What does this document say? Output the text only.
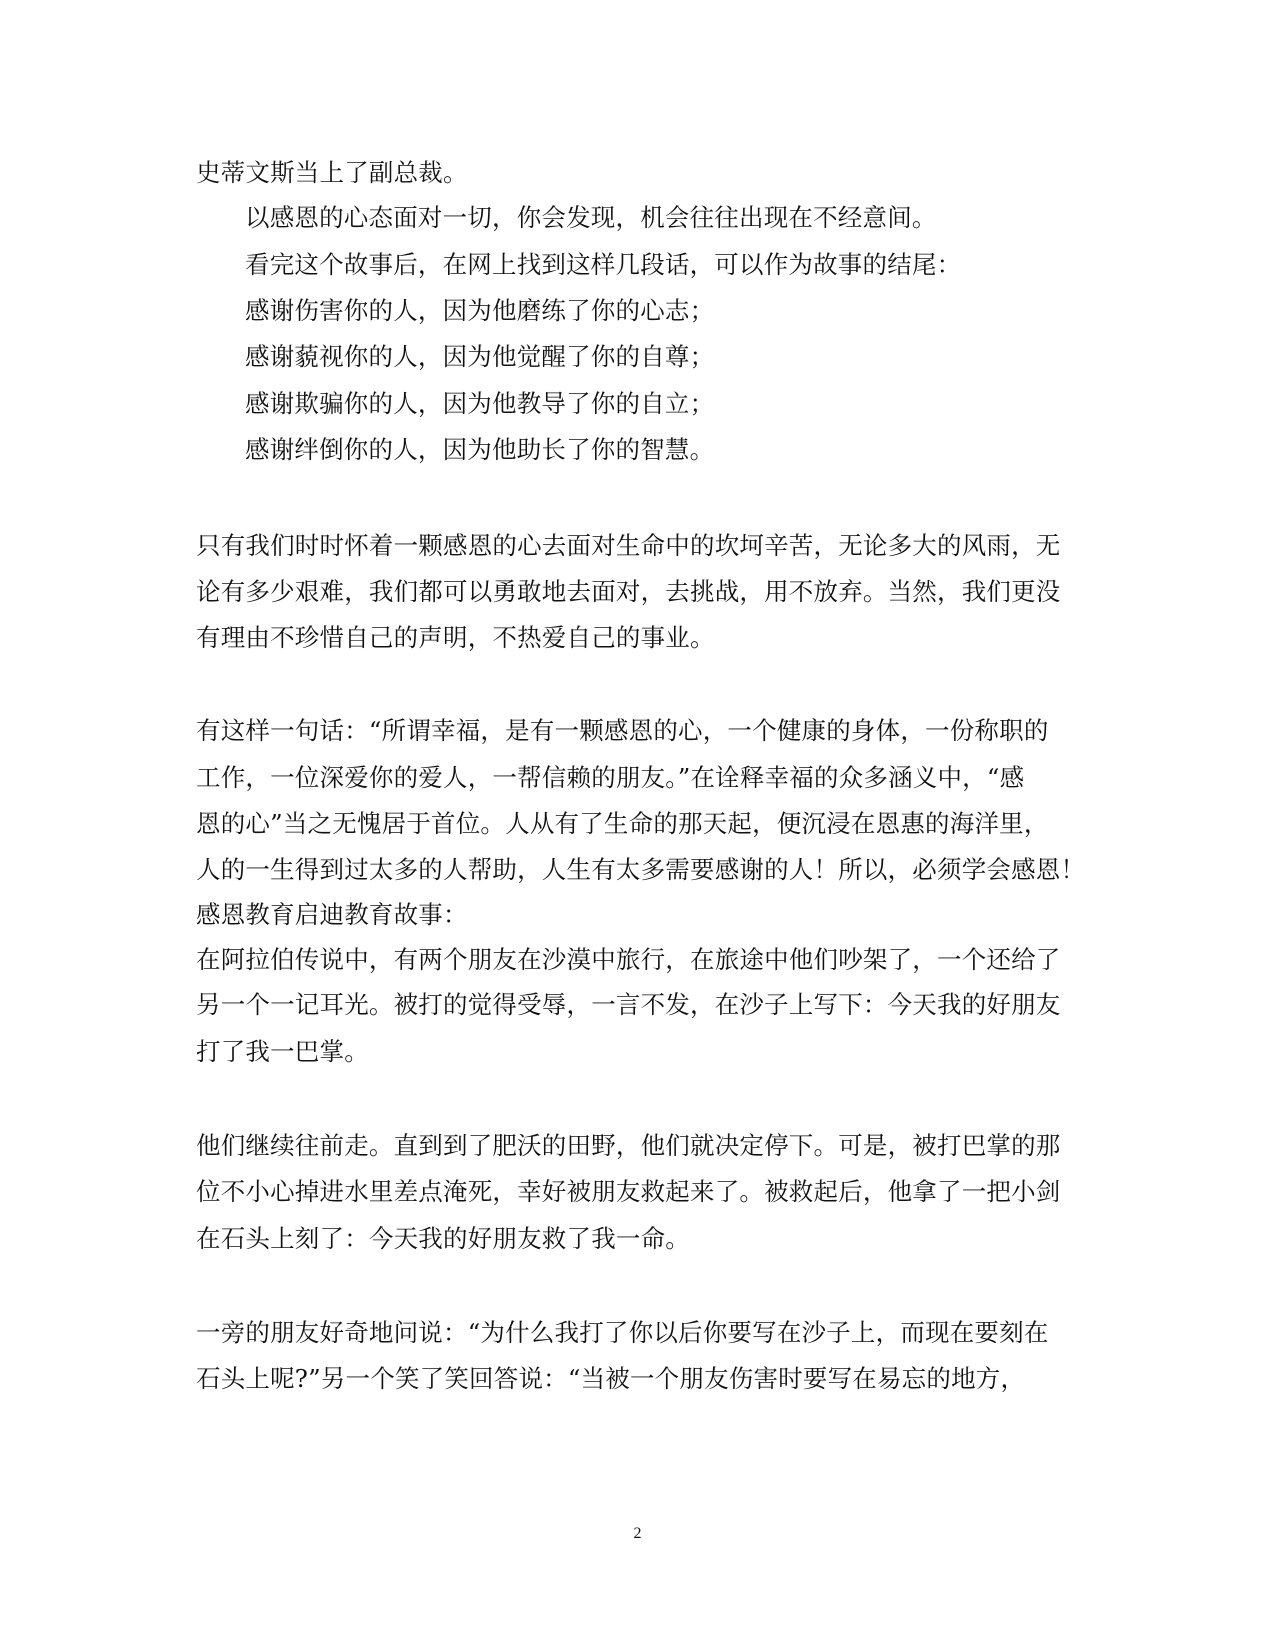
史蒂文斯当上了副总裁。
以感恩的心态面对一切，你会发现，机会往往出现在不经意间。
看完这个故事后，在网上找到这样几段话，可以作为故事的结尾：
感谢伤害你的人，因为他磨练了你的心志；
感谢藐视你的人，因为他觉醒了你的自尊；
感谢欺骗你的人，因为他教导了你的自立；
感谢绊倒你的人，因为他助长了你的智慧。
只有我们时时怀着一颗感恩的心去面对生命中的坎坷辛苦，无论多大的风雨，无
论有多少艰难，我们都可以勇敢地去面对，去挑战，用不放弃。当然，我们更没
有理由不珍惜自己的声明，不热爱自己的事业。
有这样一句话：“所谓幸福，是有一颗感恩的心，一个健康的身体，一份称职的
工作，一位深爱你的爱人，一帮信赖的朋友。”在诠释幸福的众多涵义中，“感
恩的心”当之无愧居于首位。人从有了生命的那天起，便沉浸在恩惠的海洋里，
人的一生得到过太多的人帮助，人生有太多需要感谢的人！所以，必须学会感恩！
感恩教育启迪教育故事：
在阿拉伯传说中，有两个朋友在沙漠中旅行，在旅途中他们吵架了，一个还给了
另一个一记耳光。被打的觉得受辱，一言不发，在沙子上写下：今天我的好朋友
打了我一巴掌。
他们继续往前走。直到到了肥沃的田野，他们就决定停下。可是，被打巴掌的那
位不小心掉进水里差点淹死，幸好被朋友救起来了。被救起后，他拿了一把小剑
在石头上刻了：今天我的好朋友救了我一命。
一旁的朋友好奇地问说：“为什么我打了你以后你要写在沙子上，而现在要刻在
石头上呢?”另一个笑了笑回答说：“当被一个朋友伤害时要写在易忘的地方，
2
